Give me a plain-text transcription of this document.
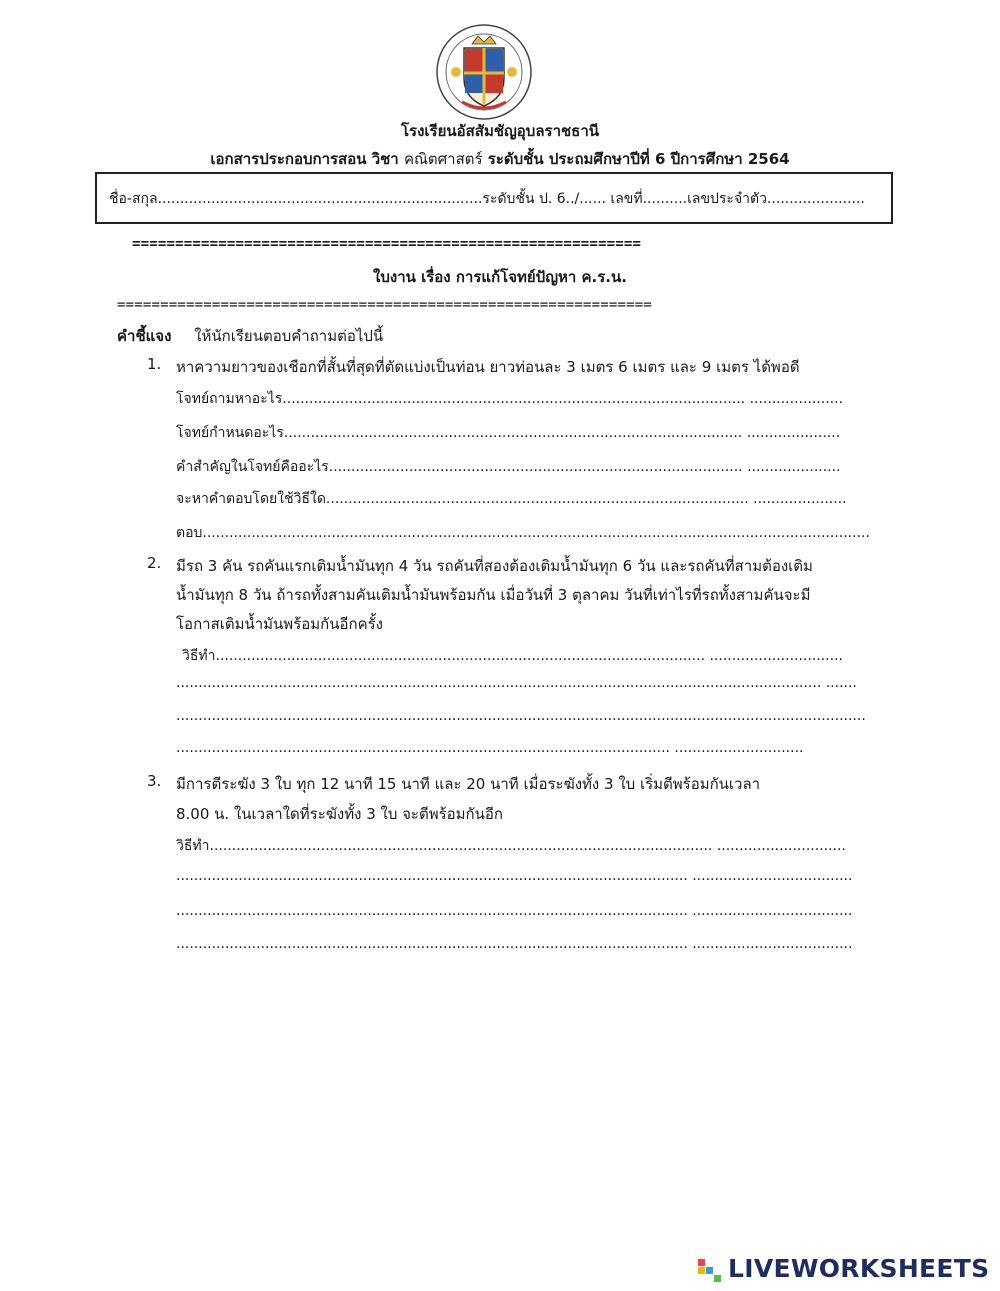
โรงเรียนอัสสัมชัญอุบลราชธานี
เอกสารประกอบการสอน วิชา คณิตศาสตร์ ระดับชั้น ประถมศึกษาปีที่ 6 ปีการศึกษา 2564
ชื่อ-สกุล.........................................................................ระดับชั้น ป. 6../...... เลขที่..........เลขประจำตัว......................
===========================================================
ใบงาน เรื่อง การแก้โจทย์ปัญหา ค.ร.น.
==============================================================
คำชี้แจง ให้นักเรียนตอบคำถามต่อไปนี้
1. หาความยาวของเชือกที่สั้นที่สุดที่ตัดแบ่งเป็นท่อน ยาวท่อนละ 3 เมตร 6 เมตร และ 9 เมตร ได้พอดี
โจทย์ถามหาอะไร........................................................................................................ .....................
โจทย์กำหนดอะไร....................................................................................................... .....................
คำสำคัญในโจทย์คืออะไร............................................................................................. .....................
จะหาคำตอบโดยใช้วิธีใด............................................................................................... .....................
ตอบ......................................................................................................................................................
2. มีรถ 3 คัน รถคันแรกเติมน้ำมันทุก 4 วัน รถคันที่สองต้องเติมน้ำมันทุก 6 วัน และรถคันที่สามต้องเติม
น้ำมันทุก 8 วัน ถ้ารถทั้งสามคันเติมน้ำมันพร้อมกัน เมื่อวันที่ 3 ตุลาคม วันที่เท่าไรที่รถทั้งสามคันจะมี
โอกาสเติมน้ำมันพร้อมกันอีกครั้ง
วิธีทำ.............................................................................................................. ..............................
................................................................................................................................................. .......
...........................................................................................................................................................
............................................................................................................... .............................
3. มีการตีระฆัง 3 ใบ ทุก 12 นาที 15 นาที และ 20 นาที เมื่อระฆังทั้ง 3 ใบ เริ่มตีพร้อมกันเวลา
8.00 น. ในเวลาใดที่ระฆังทั้ง 3 ใบ จะตีพร้อมกันอีก
วิธีทำ................................................................................................................. .............................
................................................................................................................... ....................................
................................................................................................................... ....................................
................................................................................................................... ....................................
LIVEWORKSHEETS
